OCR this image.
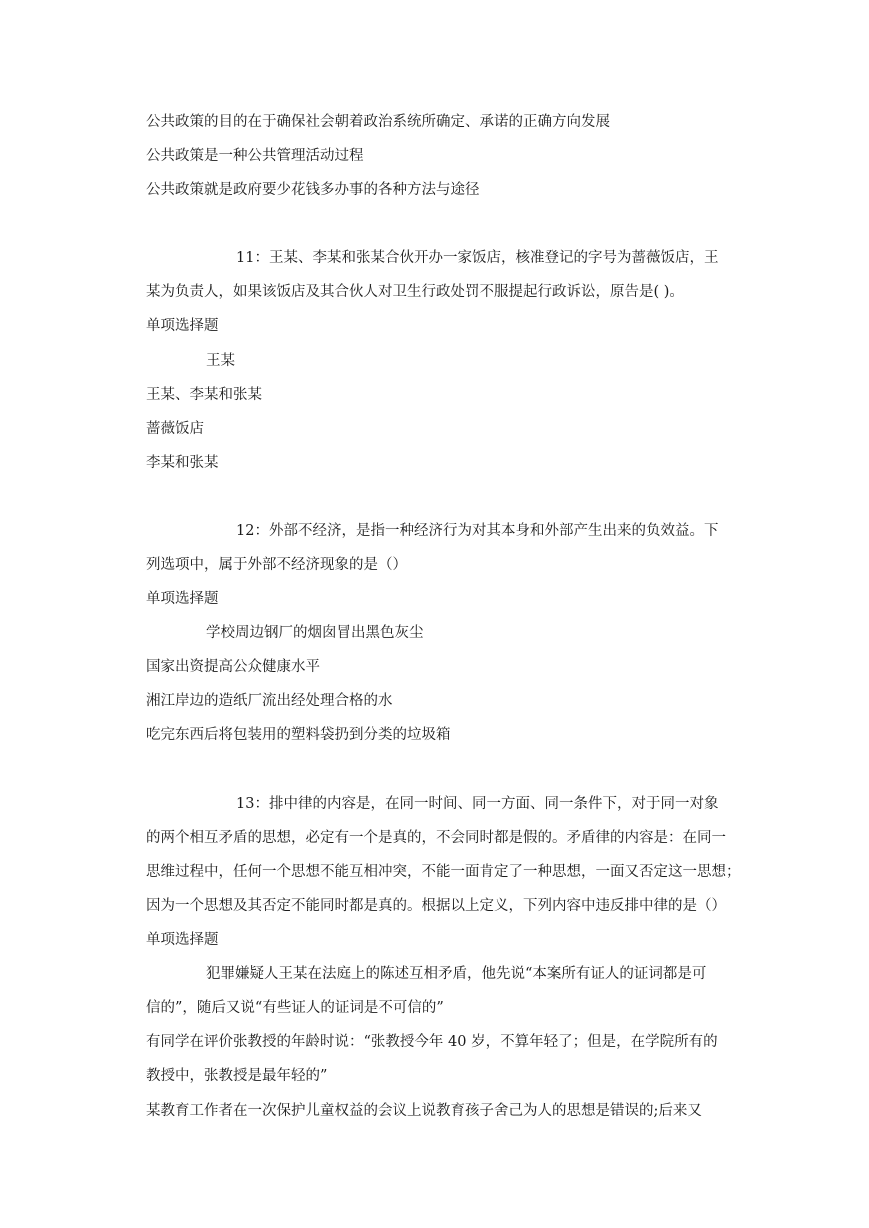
公共政策的目的在于确保社会朝着政治系统所确定、承诺的正确方向发展
公共政策是一种公共管理活动过程
公共政策就是政府要少花钱多办事的各种方法与途径
11：王某、李某和张某合伙开办一家饭店，核准登记的字号为蔷薇饭店，王
某为负责人，如果该饭店及其合伙人对卫生行政处罚不服提起行政诉讼，原告是( )。
单项选择题
王某
王某、李某和张某
蔷薇饭店
李某和张某
12：外部不经济，是指一种经济行为对其本身和外部产生出来的负效益。下
列选项中，属于外部不经济现象的是（）
单项选择题
学校周边钢厂的烟囱冒出黑色灰尘
国家出资提高公众健康水平
湘江岸边的造纸厂流出经处理合格的水
吃完东西后将包装用的塑料袋扔到分类的垃圾箱
13：排中律的内容是，在同一时间、同一方面、同一条件下，对于同一对象
的两个相互矛盾的思想，必定有一个是真的，不会同时都是假的。矛盾律的内容是：在同一
思维过程中，任何一个思想不能互相冲突，不能一面肯定了一种思想，一面又否定这一思想；
因为一个思想及其否定不能同时都是真的。根据以上定义，下列内容中违反排中律的是（）
单项选择题
犯罪嫌疑人王某在法庭上的陈述互相矛盾，他先说“本案所有证人的证词都是可
信的”，随后又说“有些证人的证词是不可信的”
有同学在评价张教授的年龄时说：“张教授今年 40 岁，不算年轻了；但是，在学院所有的
教授中，张教授是最年轻的”
某教育工作者在一次保护儿童权益的会议上说教育孩子舍己为人的思想是错误的;后来又
